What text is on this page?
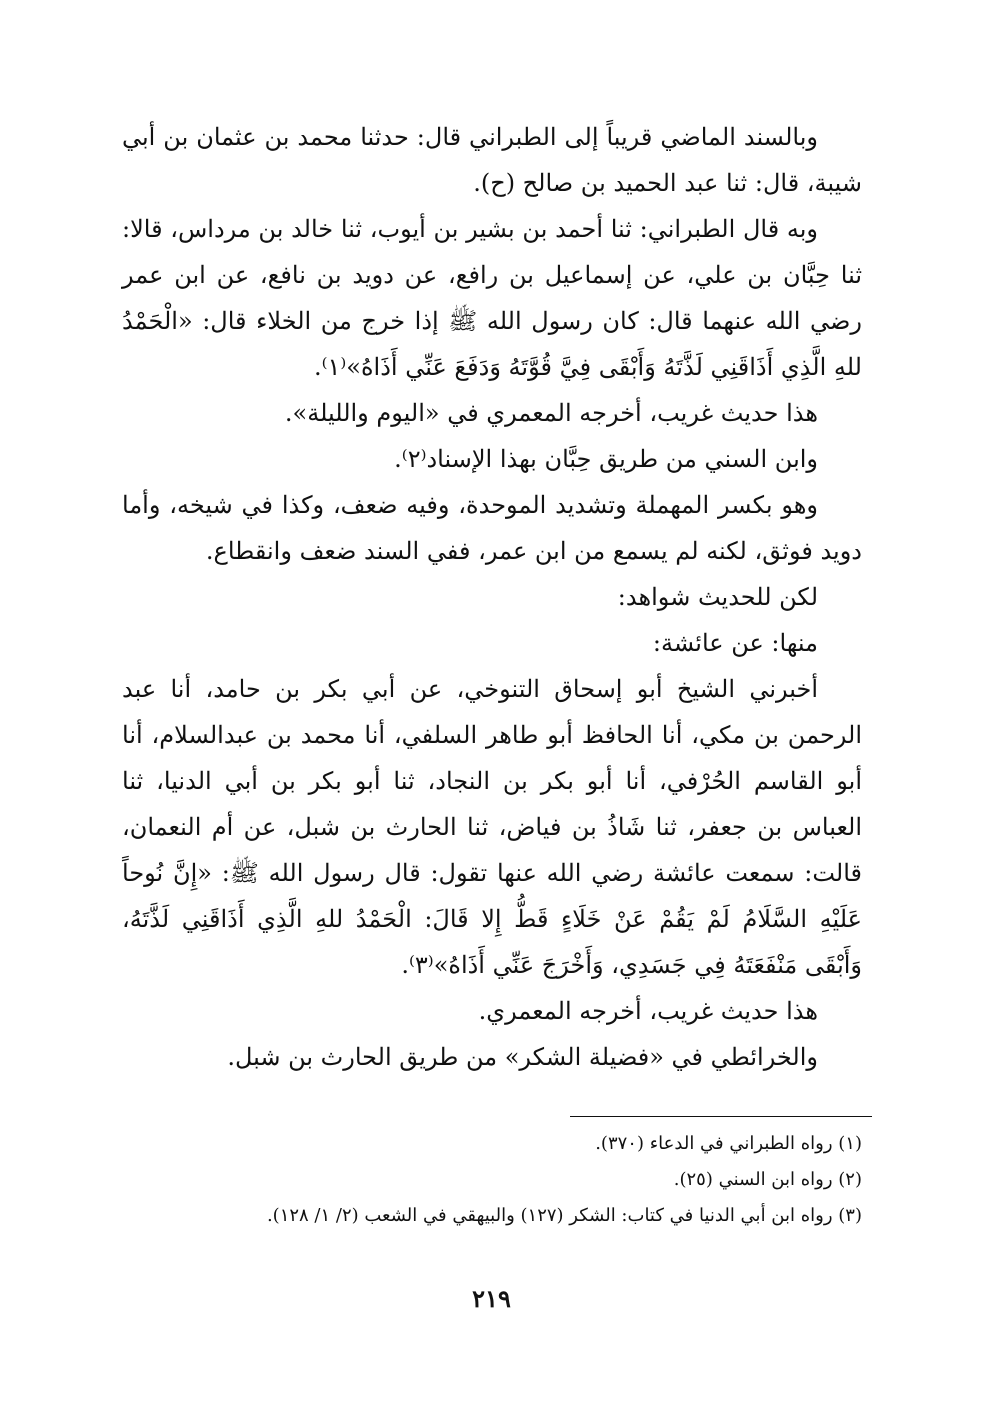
وبالسند الماضي قريباً إلى الطبراني قال: حدثنا محمد بن عثمان بن أبي شيبة، قال: ثنا عبد الحميد بن صالح (ح).

وبه قال الطبراني: ثنا أحمد بن بشير بن أيوب، ثنا خالد بن مرداس، قالا: ثنا حِبَّان بن علي، عن إسماعيل بن رافع، عن دويد بن نافع، عن ابن عمر رضي الله عنهما قال: كان رسول الله ﷺ إذا خرج من الخلاء قال: «الْحَمْدُ للهِ الَّذِي أَذَاقَنِي لَذَّتَهُ وَأَبْقَى فِيَّ قُوَّتَهُ وَدَفَعَ عَنِّي أَذَاهُ»⁽١⁾.

هذا حديث غريب، أخرجه المعمري في «اليوم والليلة».

وابن السني من طريق حِبَّان بهذا الإسناد⁽٢⁾.

وهو بكسر المهملة وتشديد الموحدة، وفيه ضعف، وكذا في شيخه، وأما دويد فوثق، لكنه لم يسمع من ابن عمر، ففي السند ضعف وانقطاع.

لكن للحديث شواهد:

منها: عن عائشة:

أخبرني الشيخ أبو إسحاق التنوخي، عن أبي بكر بن حامد، أنا عبد الرحمن بن مكي، أنا الحافظ أبو طاهر السلفي، أنا محمد بن عبدالسلام، أنا أبو القاسم الحُرْفي، أنا أبو بكر بن النجاد، ثنا أبو بكر بن أبي الدنيا، ثنا العباس بن جعفر، ثنا شَاذُ بن فياض، ثنا الحارث بن شبل، عن أم النعمان، قالت: سمعت عائشة رضي الله عنها تقول: قال رسول الله ﷺ: «إِنَّ نُوحاً عَلَيْهِ السَّلَامُ لَمْ يَقُمْ عَنْ خَلَاءٍ قَطُّ إِلا قَالَ: الْحَمْدُ للهِ الَّذِي أَذَاقَنِي لَذَّتَهُ، وَأَبْقَى مَنْفَعَتَهُ فِي جَسَدِي، وَأَخْرَجَ عَنِّي أَذَاهُ»⁽٣⁾.

هذا حديث غريب، أخرجه المعمري.

والخرائطي في «فضيلة الشكر» من طريق الحارث بن شبل.

(١) رواه الطبراني في الدعاء (٣٧٠).

(٢) رواه ابن السني (٢٥).

(٣) رواه ابن أبي الدنيا في كتاب: الشكر (١٢٧) والبيهقي في الشعب (٢/ ١/ ١٢٨).

٢١٩
